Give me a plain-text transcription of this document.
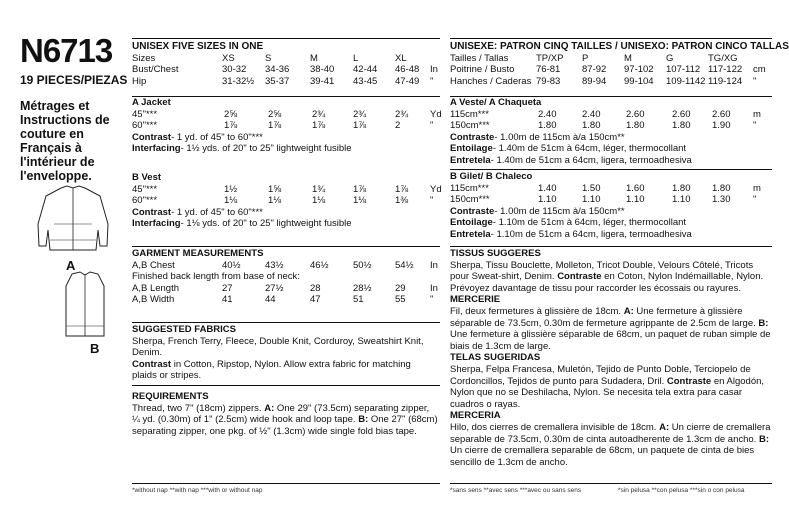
N6713
19 PIECES/PIEZAS
Métrages et Instructions de couture en Français à l'intérieur de l'enveloppe.
A
B
UNISEX FIVE SIZES IN ONE
Sizes	XS	S	M	L	XL
Bust/Chest	30-32 34-36 38-40 42-44 46-48 In
Hip	31-32½ 35-37 39-41 43-45 47-49 "
A Jacket
45"***	2⅝	2⅝	2¾	2¾	2¾ Yd
60"***	1⅞	1⅞	1⅞	1⅞	2	"
Contrast- 1 yd. of 45" to 60"***
Interfacing- 1½ yds. of 20" to 25" lightweight fusible
B Vest
45"***	1½	1⅝	1¾	1⅞	1⅞ Yd
60"***	1⅛	1⅛	1⅛	1⅛	1⅜ "
Contrast- 1 yd. of 45" to 60"***
Interfacing- 1⅛ yds. of 20" to 25" lightweight fusible
GARMENT MEASUREMENTS
A,B Chest	40½	43½	46½	50½ 54½ In
Finished back length from base of neck:
A,B Length	27	27½	28	28½ 29	In
A,B Width	41	44	47	51	55	"
SUGGESTED FABRICS
Sherpa, French Terry, Fleece, Double Knit, Corduroy, Sweatshirt Knit, Denim.
Contrast in Cotton, Ripstop, Nylon. Allow extra fabric for matching plaids or stripes.
REQUIREMENTS
Thread, two 7" (18cm) zippers. A: One 29" (73.5cm) separating zipper, ¼ yd. (0.30m) of 1" (2.5cm) wide hook and loop tape. B: One 27" (68cm) separating zipper, one pkg. of ½" (1.3cm) wide single fold bias tape.
*without nap **with nap ***with or without nap
UNISEXE: PATRON CINQ TAILLES / UNISEXO: PATRON CINCO TALLAS
Tailles / Tallas	TP/XP P	M	G	TG/XG
Poitrine / Busto 76-81 87-92 97-102 107-112 117-122 cm
Hanches / Caderas 79-83 89-94 99-104 109-1142 119-124 "
A Veste/ A Chaqueta
115cm***	2.40	2.40	2.60	2.60 2.60 m
150cm***	1.80	1.80	1.80	1.80 1.90 "
Contraste- 1.00m de 115cm à/a 150cm**
Entoilage- 1.40m de 51cm à 64cm, léger, thermocollant
Entretela- 1.40m de 51cm a 64cm, ligera, termoadhesiva
B Gilet/ B Chaleco
115cm***	1.40	1.50	1.60	1.80 1.80 m
150cm***	1.10	1.10	1.10	1.10 1.30 "
Contraste- 1.00m de 115cm à/a 150cm**
Entoilage- 1.10m de 51cm à 64cm, léger, thermocollant
Entretela- 1.10m de 51cm a 64cm, ligera, termoadhesiva
TISSUS SUGGERES
Sherpa, Tissu Bouclette, Molleton, Tricot Double, Velours Côtelé, Tricots pour Sweat-shirt, Denim. Contraste en Coton, Nylon Indémaillable, Nylon. Prévoyez davantage de tissu pour raccorder les écossais ou rayures.
MERCERIE
Fil, deux fermetures à glissière de 18cm. A: Une fermeture à glissière séparable de 73.5cm, 0.30m de fermeture agrippante de 2.5cm de large. B: Une fermeture à glissière séparable de 68cm, un paquet de ruban simple de biais de 1.3cm de large.
TELAS SUGERIDAS
Sherpa, Felpa Francesa, Muletón, Tejido de Punto Doble, Terciopelo de Cordoncillos, Tejidos de punto para Sudadera, Dril. Contraste en Algodón, Nylon que no se Deshilacha, Nylon. Se necesita tela extra para casar cuadros o rayas.
MERCERIA
Hilo, dos cierres de cremallera invisible de 18cm. A: Un cierre de cremallera separable de 73.5cm, 0.30m de cinta autoadherente de 1.3cm de ancho. B: Un cierre de cremallera separable de 68cm, un paquete de cinta de bies sencillo de 1.3cm de ancho.
*sans sens **avec sens ***avec ou sans sens	*sin pelusa **con pelusa ***sin o con pelusa
